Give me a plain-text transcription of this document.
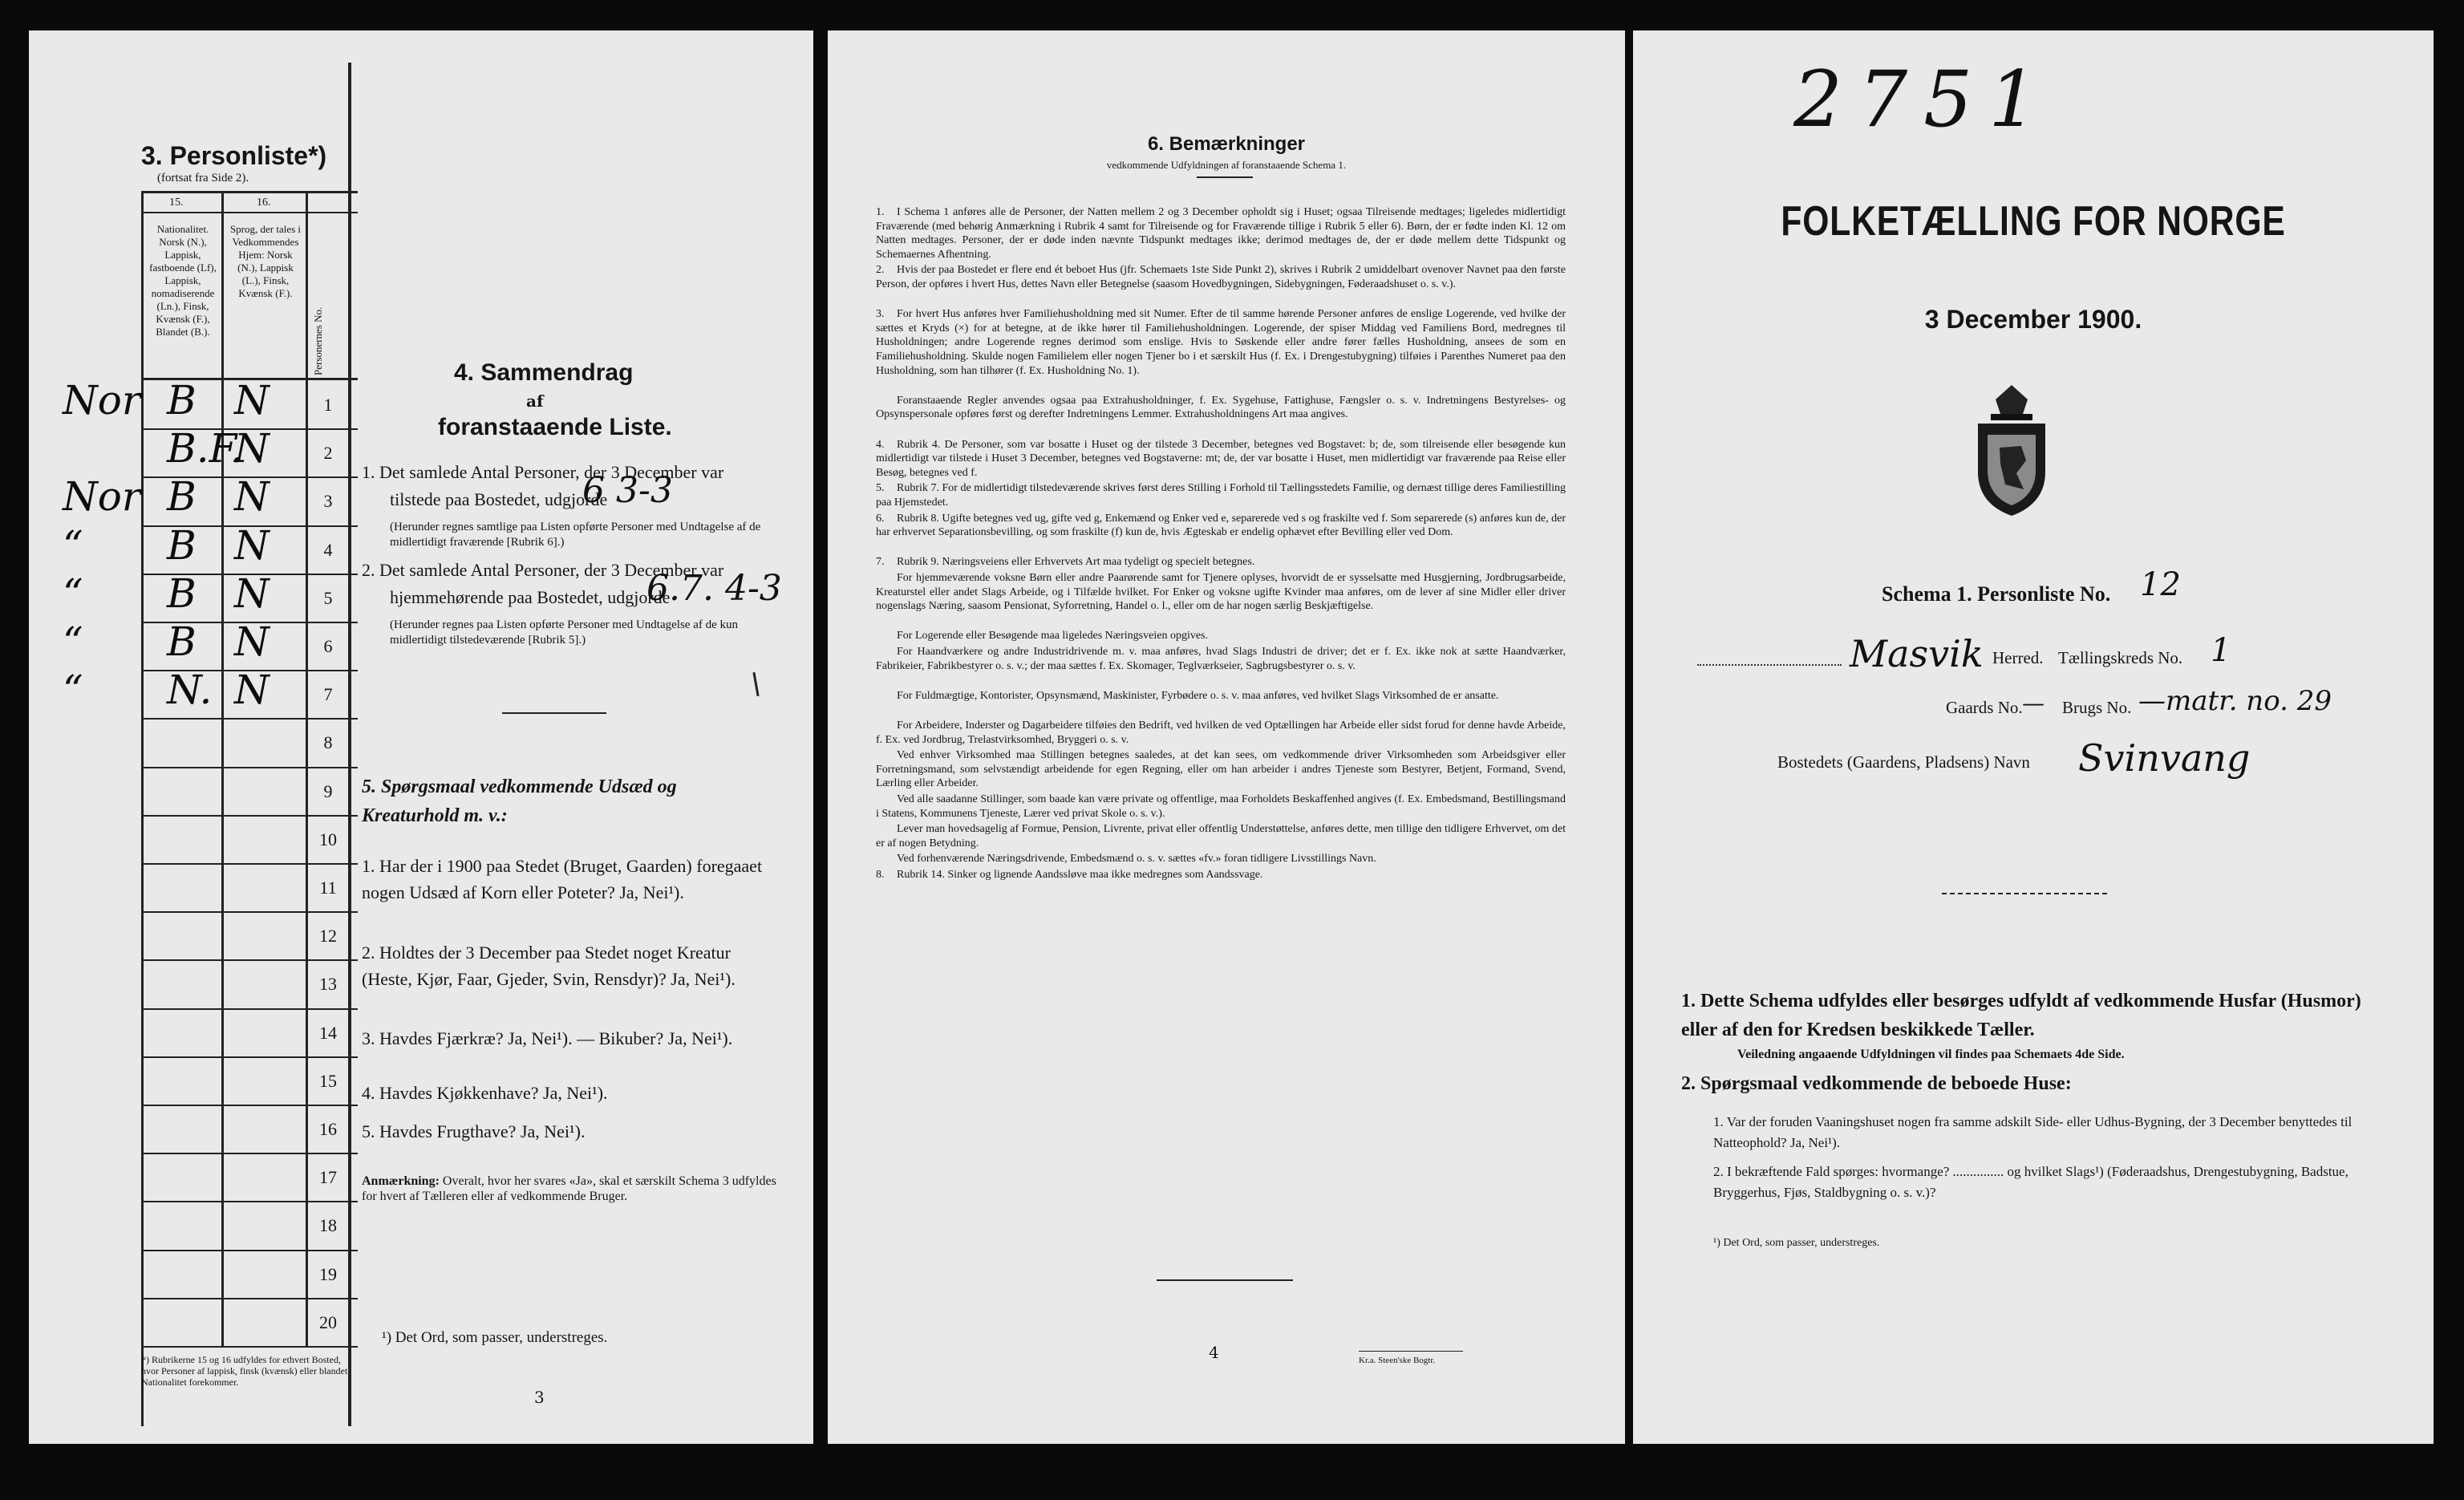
3. Personliste*)
(fortsat fra Side 2).
15.	16.
Nationalitet. Norsk (N.), Lappisk, fastboende (Lf), Lappisk, nomadiserende (Ln.), Finsk, Kvænsk (F.), Blandet (B.).
Sprog, der tales i Vedkommendes Hjem: Norsk (N.), Lappisk (L.), Finsk, Kvænsk (F.).
Personernes No.
*) Rubrikerne 15 og 16 udfyldes for ethvert Bosted, hvor Personer af lappisk, finsk (kvænsk) eller blandet Nationalitet forekommer.
4. Sammendrag
af
foranstaaende Liste.
1. Det samlede Antal Personer, der 3 December var
tilstede paa Bostedet, udgjorde
6 3-3
(Herunder regnes samtlige paa Listen opførte Personer med Undtagelse af de midlertidigt fraværende [Rubrik 6].)
2. Det samlede Antal Personer, der 3 December var
hjemmehørende paa Bostedet, udgjorde
6.7. 4-3
(Herunder regnes paa Listen opførte Personer med Undtagelse af de kun midlertidigt tilstedeværende [Rubrik 5].)
5. Spørgsmaal vedkommende Udsæd og Kreaturhold m. v.:
1. Har der i 1900 paa Stedet (Bruget, Gaarden) foregaaet nogen Udsæd af Korn eller Poteter? Ja, Nei¹).
2. Holdtes der 3 December paa Stedet noget Kreatur (Heste, Kjør, Faar, Gjeder, Svin, Rensdyr)? Ja, Nei¹).
3. Havdes Fjærkræ? Ja, Nei¹). — Bikuber? Ja, Nei¹).
4. Havdes Kjøkkenhave? Ja, Nei¹).
5. Havdes Frugthave? Ja, Nei¹).
Anmærkning: Overalt, hvor her svares «Ja», skal et særskilt Schema 3 udfyldes for hvert af Tælleren eller af vedkommende Bruger.
¹) Det Ord, som passer, understreges.
3
1
Nor B N
2
B.F.
N
3
Nor B N
4
“ B N
5
“ B N
6
“ B N
7
“ N. N
8
9
10
11
12
13
14
15
16
17
18
19
20
6. Bemærkninger
vedkommende Udfyldningen af foranstaaende Schema 1.
4	Kr.a. Steen'ske Bogtr.
1. I Schema 1 anføres alle de Personer, der Natten mellem 2 og 3 December opholdt sig i Huset; ogsaa Tilreisende medtages; ligeledes midlertidigt Fraværende (med behørig Anmærkning i Rubrik 4 samt for Tilreisende og for Fraværende tillige i Rubrik 5 eller 6). Børn, der er fødte inden Kl. 12 om Natten medtages. Personer, der er døde inden nævnte Tidspunkt medtages ikke; derimod medtages de, der er døde mellem dette Tidspunkt og Schemaernes Afhentning.
2. Hvis der paa Bostedet er flere end ét beboet Hus (jfr. Schemaets 1ste Side Punkt 2), skrives i Rubrik 2 umiddelbart ovenover Navnet paa den første Person, der opføres i hvert Hus, dettes Navn eller Betegnelse (saasom Hovedbygningen, Sidebygningen, Føderaadshuset o. s. v.).
3. For hvert Hus anføres hver Familiehusholdning med sit Numer. Efter de til samme hørende Personer anføres de enslige Logerende, ved hvilke der sættes et Kryds (×) for at betegne, at de ikke hører til Familiehusholdningen. Logerende, der spiser Middag ved Familiens Bord, medregnes til Husholdningen; andre Logerende regnes derimod som enslige. Hvis to Søskende eller andre fører fælles Husholdning, ansees de som en Familiehusholdning. Skulde nogen Familielem eller nogen Tjener bo i et særskilt Hus (f. Ex. i Drengestubygning) tilføies i Parenthes Numeret paa den Husholdning, som han tilhører (f. Ex. Husholdning No. 1).
Foranstaaende Regler anvendes ogsaa paa Extrahusholdninger, f. Ex. Sygehuse, Fattighuse, Fængsler o. s. v. Indretningens Bestyrelses- og Opsynspersonale opføres først og derefter Indretningens Lemmer. Extrahusholdningens Art maa angives.
4. Rubrik 4. De Personer, som var bosatte i Huset og der tilstede 3 December, betegnes ved Bogstavet: b; de, som tilreisende eller besøgende kun midlertidigt var tilstede i Huset 3 December, betegnes ved Bogstaverne: mt; de, der var bosatte i Huset, men midlertidigt var fraværende paa Reise eller Besøg, betegnes ved f.
5. Rubrik 7. For de midlertidigt tilstedeværende skrives først deres Stilling i Forhold til Tællingsstedets Familie, og dernæst tillige deres Familiestilling paa Hjemstedet.
6. Rubrik 8. Ugifte betegnes ved ug, gifte ved g, Enkemænd og Enker ved e, separerede ved s og fraskilte ved f. Som separerede (s) anføres kun de, der har erhvervet Separationsbevilling, og som fraskilte (f) kun de, hvis Ægteskab er endelig ophævet efter Bevilling eller ved Dom.
7. Rubrik 9. Næringsveiens eller Erhvervets Art maa tydeligt og specielt betegnes.
For hjemmeværende voksne Børn eller andre Paarørende samt for Tjenere oplyses, hvorvidt de er sysselsatte med Husgjerning, Jordbrugsarbeide, Kreaturstel eller andet Slags Arbeide, og i Tilfælde hvilket. For Enker og voksne ugifte Kvinder maa anføres, om de lever af sine Midler eller driver nogenslags Næring, saasom Pensionat, Syforretning, Handel o. l., eller om de har nogen særlig Beskjæftigelse.
For Logerende eller Besøgende maa ligeledes Næringsveien opgives.
For Haandværkere og andre Industridrivende m. v. maa anføres, hvad Slags Industri de driver; det er f. Ex. ikke nok at sætte Haandværker, Fabrikeier, Fabrikbestyrer o. s. v.; der maa sættes f. Ex. Skomager, Teglværkseier, Sagbrugsbestyrer o. s. v.
For Fuldmægtige, Kontorister, Opsynsmænd, Maskinister, Fyrbødere o. s. v. maa anføres, ved hvilket Slags Virksomhed de er ansatte.
For Arbeidere, Inderster og Dagarbeidere tilføies den Bedrift, ved hvilken de ved Optællingen har Arbeide eller sidst forud for denne havde Arbeide, f. Ex. ved Jordbrug, Trelastvirksomhed, Bryggeri o. s. v.
Ved enhver Virksomhed maa Stillingen betegnes saaledes, at det kan sees, om vedkommende driver Virksomheden som Arbeidsgiver eller Forretningsmand, som selvstændigt arbeidende for egen Regning, eller om han arbeider i andres Tjeneste som Bestyrer, Betjent, Formand, Svend, Lærling eller Arbeider.
Ved alle saadanne Stillinger, som baade kan være private og offentlige, maa Forholdets Beskaffenhed angives (f. Ex. Embedsmand, Bestillingsmand i Statens, Kommunens Tjeneste, Lærer ved privat Skole o. s. v.).
Lever man hovedsagelig af Formue, Pension, Livrente, privat eller offentlig Understøttelse, anføres dette, men tillige den tidligere Erhvervet, om det er af nogen Betydning.
Ved forhenværende Næringsdrivende, Embedsmænd o. s. v. sættes «fv.» foran tidligere Livsstillings Navn.
8. Rubrik 14. Sinker og lignende Aandssløve maa ikke medregnes som Aandssvage.
2751
FOLKETÆLLING FOR NORGE
3 December 1900.
Schema 1. Personliste No. 12
Masvik Herred. Tællingskreds No. 1
Gaards No. — Brugs No. —matr. no. 29
Bostedets (Gaardens, Pladsens) Navn Svinvang
1. Dette Schema udfyldes eller besørges udfyldt af vedkommende Husfar (Husmor) eller af den for Kredsen beskikkede Tæller.
Veiledning angaaende Udfyldningen vil findes paa Schemaets 4de Side.
2. Spørgsmaal vedkommende de beboede Huse:
1. Var der foruden Vaaningshuset nogen fra samme adskilt Side- eller Udhus-Bygning, der 3 December benyttedes til Natteophold? Ja, Nei¹).
2. I bekræftende Fald spørges: hvormange? ............... og hvilket Slags¹) (Føderaadshus, Drengestubygning, Badstue, Bryggerhus, Fjøs, Staldbygning o. s. v.)?
¹) Det Ord, som passer, understreges.
